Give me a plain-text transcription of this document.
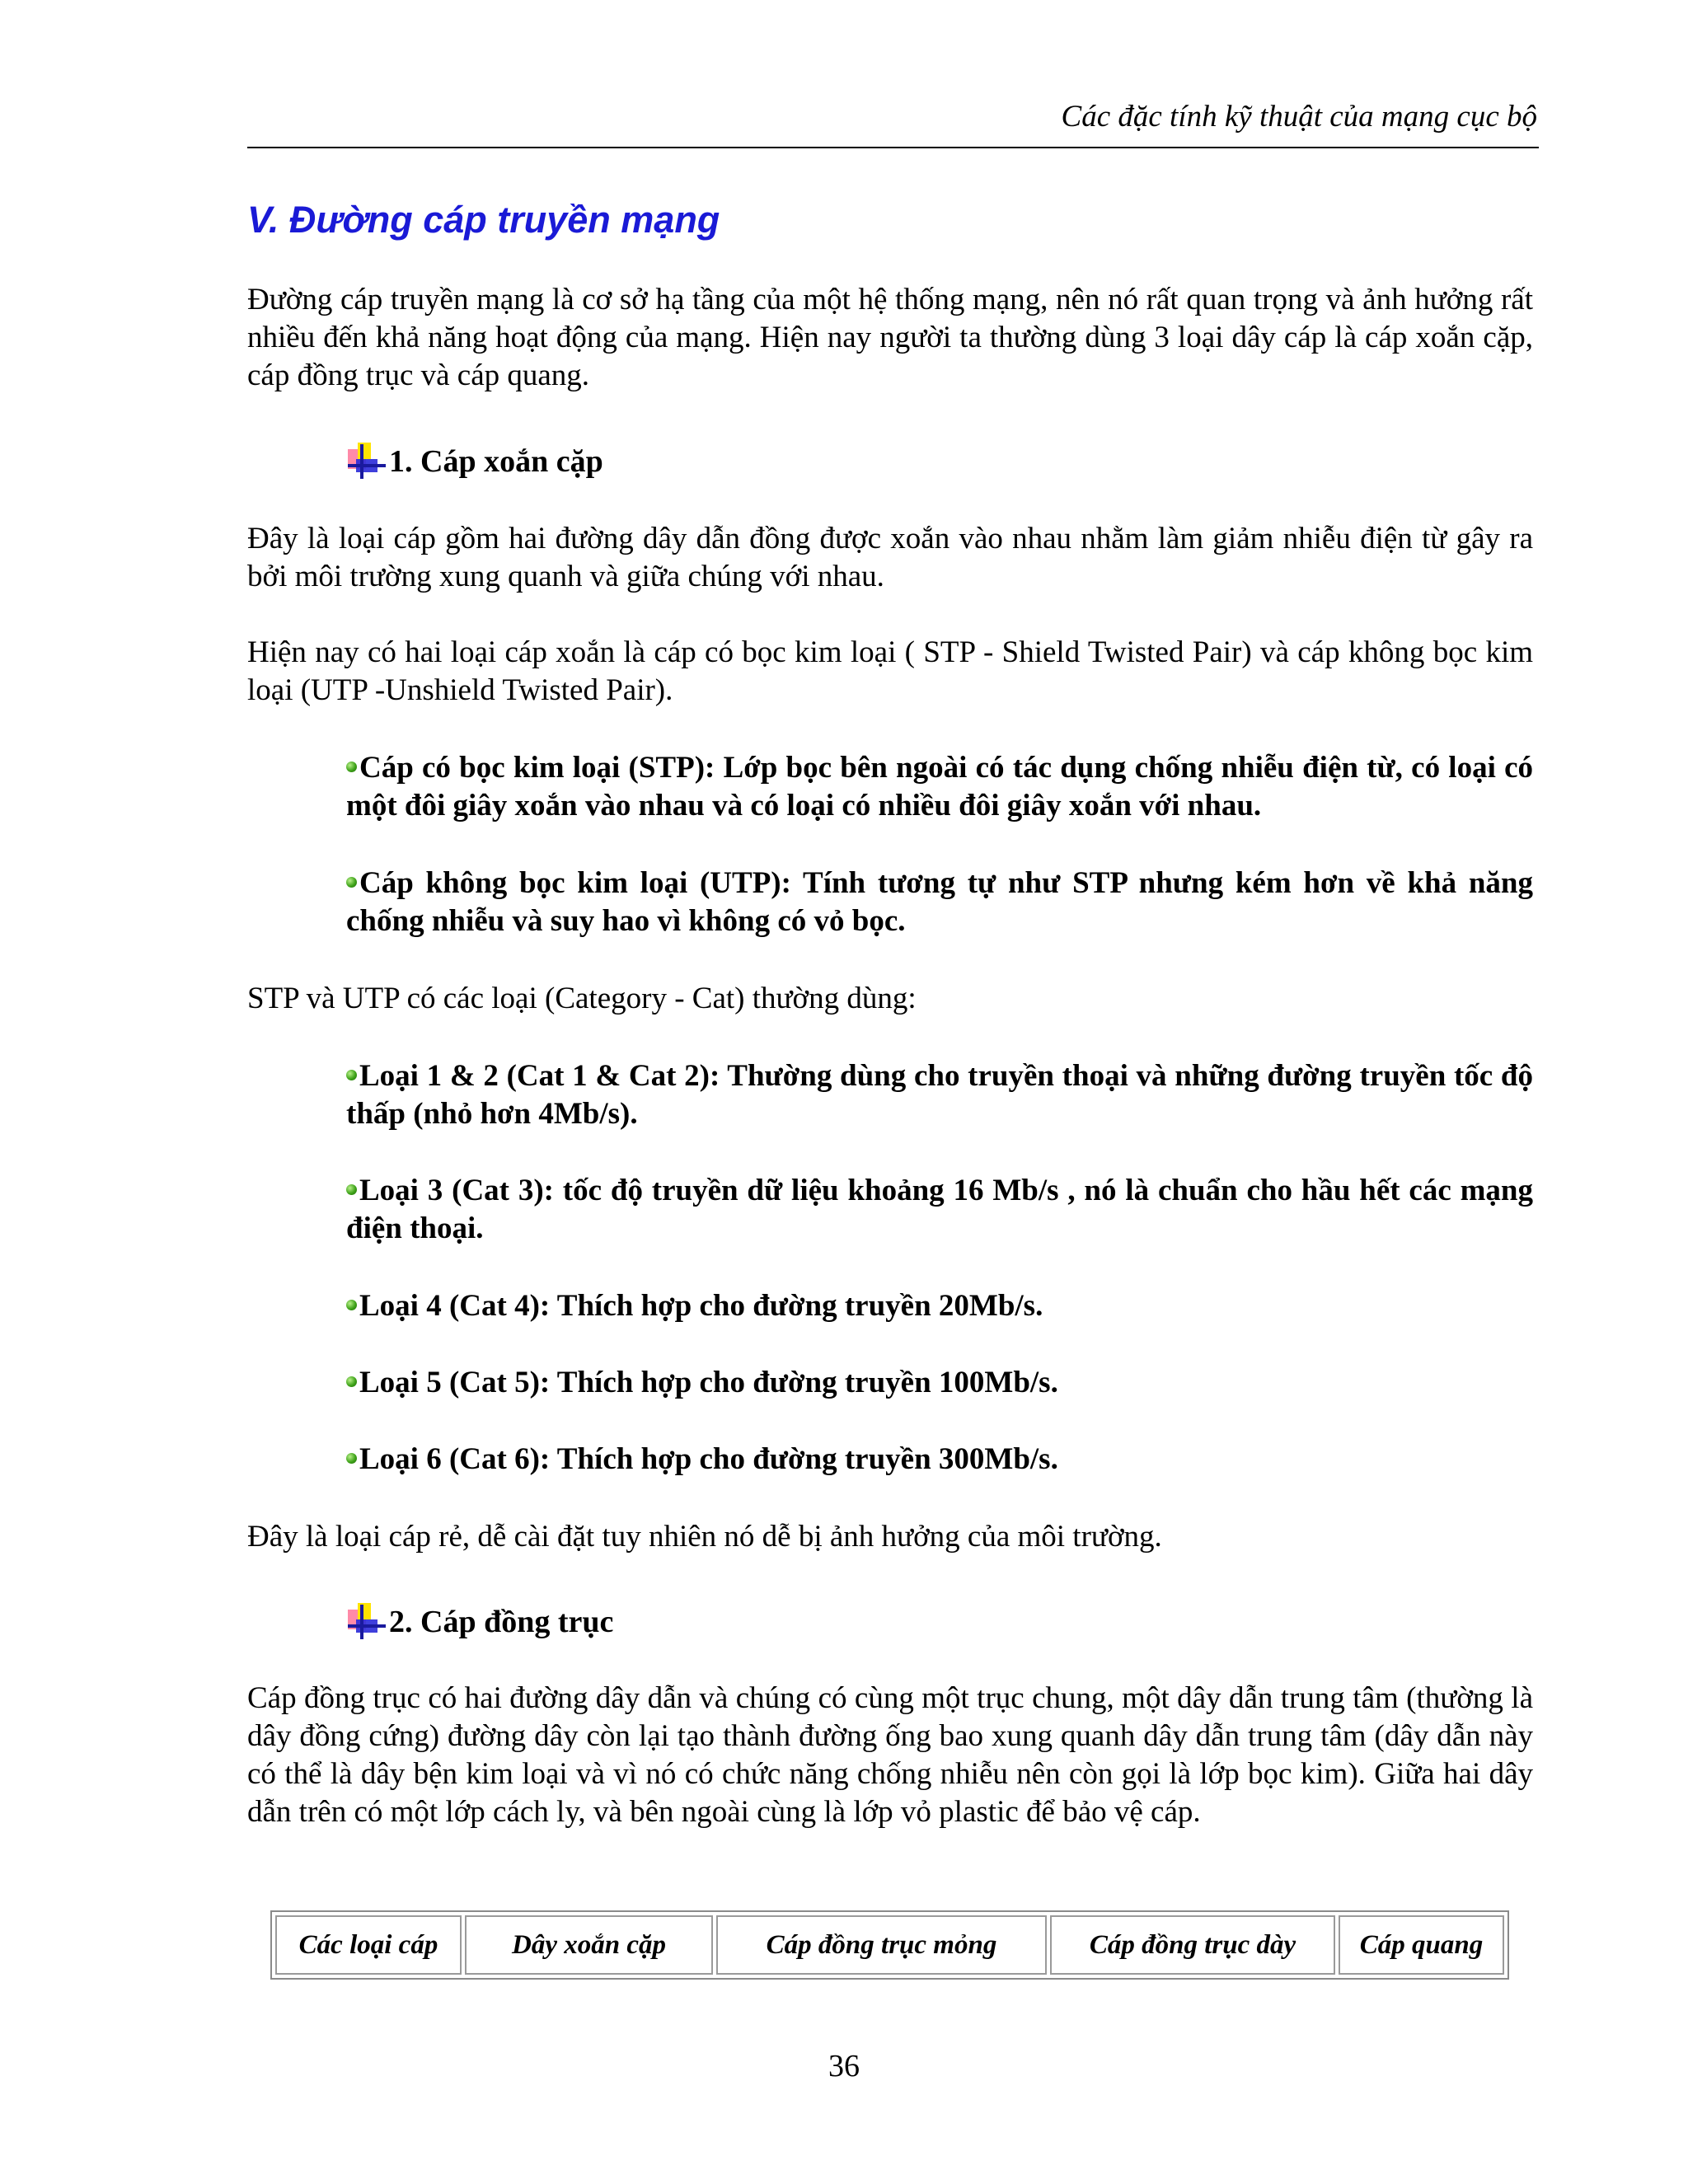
Các đặc tính kỹ thuật của mạng cục bộ
V. Đường cáp truyền mạng

Đường cáp truyền mạng là cơ sở hạ tầng của một hệ thống mạng, nên nó rất quan trọng và ảnh hưởng rất nhiều đến khả năng hoạt động của mạng. Hiện nay người ta thường dùng 3 loại dây cáp là cáp xoắn cặp, cáp đồng trục và cáp quang.

1. Cáp xoắn cặp

Đây là loại cáp gồm hai đường dây dẫn đồng được xoắn vào nhau nhằm làm giảm nhiễu điện từ gây ra bởi môi trường xung quanh và giữa chúng với nhau.

Hiện nay có hai loại cáp xoắn là cáp có bọc kim loại ( STP - Shield Twisted Pair) và cáp không bọc kim loại (UTP -Unshield Twisted Pair).

Cáp có bọc kim loại (STP): Lớp bọc bên ngoài có tác dụng chống nhiễu điện từ, có loại có một đôi giây xoắn vào nhau và có loại có nhiều đôi giây xoắn với nhau.

Cáp không bọc kim loại (UTP): Tính tương tự như STP nhưng kém hơn về khả năng chống nhiễu và suy hao vì không có vỏ bọc.

STP và UTP có các loại (Category - Cat) thường dùng:

Loại 1 & 2 (Cat 1 & Cat 2): Thường dùng cho truyền thoại và những đường truyền tốc độ thấp (nhỏ hơn 4Mb/s).

Loại 3 (Cat 3): tốc độ truyền dữ liệu khoảng 16 Mb/s , nó là chuẩn cho hầu hết các mạng điện thoại.

Loại 4 (Cat 4): Thích hợp cho đường truyền 20Mb/s.

Loại 5 (Cat 5): Thích hợp cho đường truyền 100Mb/s.

Loại 6 (Cat 6): Thích hợp cho đường truyền 300Mb/s.

Đây là loại cáp rẻ, dễ cài đặt tuy nhiên nó dễ bị ảnh hưởng của môi trường.

2. Cáp đồng trục

Cáp đồng trục có hai đường dây dẫn và chúng có cùng một trục chung, một dây dẫn trung tâm (thường là dây đồng cứng) đường dây còn lại tạo thành đường ống bao xung quanh dây dẫn trung tâm (dây dẫn này có thể là dây bện kim loại và vì nó có chức năng chống nhiễu nên còn gọi là lớp bọc kim). Giữa hai dây dẫn trên có một lớp cách ly, và bên ngoài cùng là lớp vỏ plastic để bảo vệ cáp.

Các loại cáp	Dây xoắn cặp	Cáp đồng trục mỏng	Cáp đồng trục dày	Cáp quang
36
